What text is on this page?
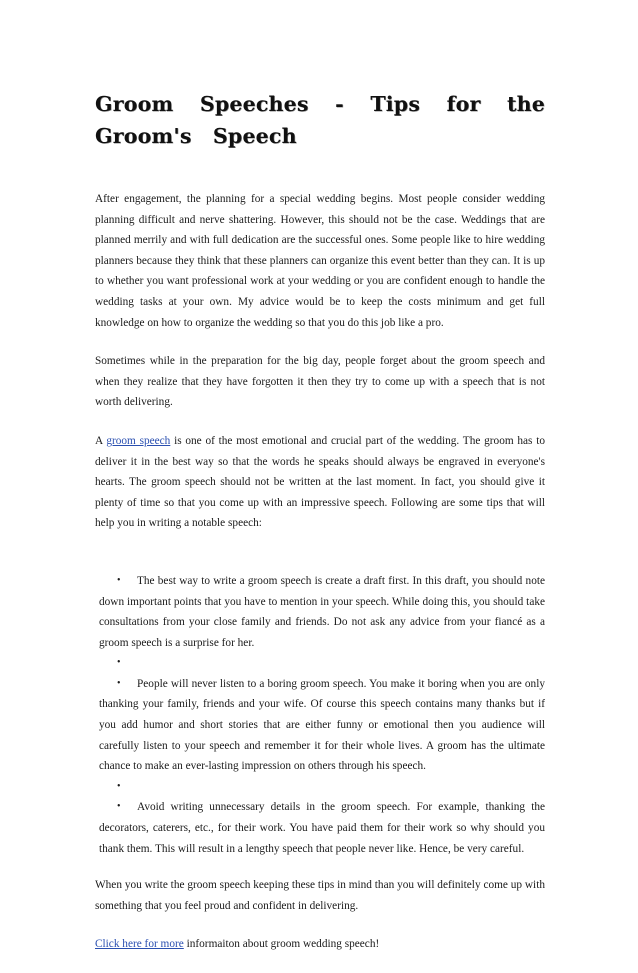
Groom Speeches - Tips for the Groom's Speech

After engagement, the planning for a special wedding begins. Most people consider wedding planning difficult and nerve shattering. However, this should not be the case. Weddings that are planned merrily and with full dedication are the successful ones. Some people like to hire wedding planners because they think that these planners can organize this event better than they can. It is up to whether you want professional work at your wedding or you are confident enough to handle the wedding tasks at your own. My advice would be to keep the costs minimum and get full knowledge on how to organize the wedding so that you do this job like a pro.

Sometimes while in the preparation for the big day, people forget about the groom speech and when they realize that they have forgotten it then they try to come up with a speech that is not worth delivering.

A groom speech is one of the most emotional and crucial part of the wedding. The groom has to deliver it in the best way so that the words he speaks should always be engraved in everyone's hearts. The groom speech should not be written at the last moment. In fact, you should give it plenty of time so that you come up with an impressive speech. Following are some tips that will help you in writing a notable speech:

•	The best way to write a groom speech is create a draft first. In this draft, you should note down important points that you have to mention in your speech. While doing this, you should take consultations from your close family and friends. Do not ask any advice from your fiancé as a groom speech is a surprise for her.
•
•	People will never listen to a boring groom speech. You make it boring when you are only thanking your family, friends and your wife. Of course this speech contains many thanks but if you add humor and short stories that are either funny or emotional then you audience will carefully listen to your speech and remember it for their whole lives. A groom has the ultimate chance to make an ever-lasting impression on others through his speech.
•
•	Avoid writing unnecessary details in the groom speech. For example, thanking the decorators, caterers, etc., for their work. You have paid them for their work so why should you thank them. This will result in a lengthy speech that people never like. Hence, be very careful.

When you write the groom speech keeping these tips in mind than you will definitely come up with something that you feel proud and confident in delivering.

Click here for more informaiton about groom wedding speech!
